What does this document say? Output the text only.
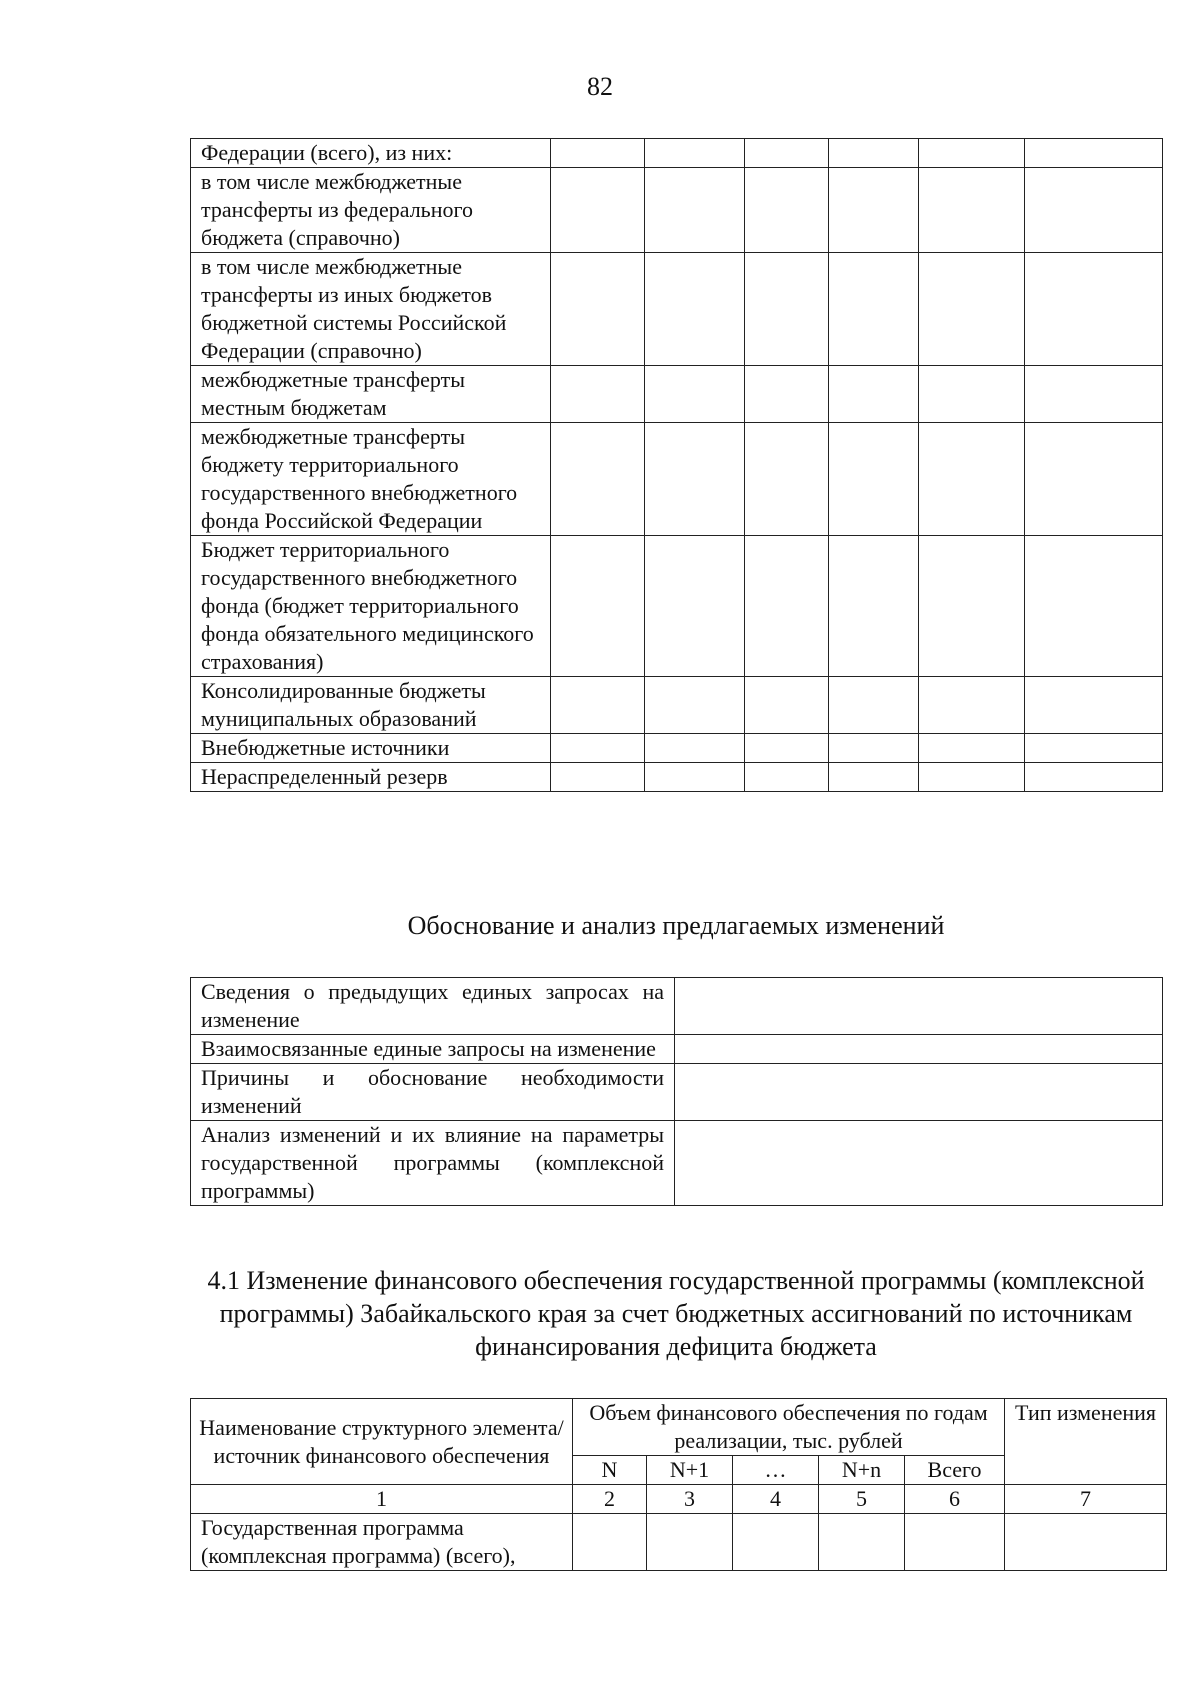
82
Федерации (всего), из них:						
в том числе межбюджетные трансферты из федерального бюджета (справочно)						
в том числе межбюджетные трансферты из иных бюджетов бюджетной системы Российской Федерации (справочно)						
межбюджетные трансферты местным бюджетам						
межбюджетные трансферты бюджету территориального государственного внебюджетного фонда Российской Федерации						
Бюджет территориального государственного внебюджетного фонда (бюджет территориального фонда обязательного медицинского страхования)						
Консолидированные бюджеты муниципальных образований						
Внебюджетные источники						
Нераспределенный резерв						
Обоснование и анализ предлагаемых изменений
Сведения о предыдущих единых запросах на изменение	
Взаимосвязанные единые запросы на изменение	
Причины и обоснование необходимости изменений	
Анализ изменений и их влияние на параметры государственной программы (комплексной программы)	
4.1 Изменение финансового обеспечения государственной программы (комплексной программы) Забайкальского края за счет бюджетных ассигнований по источникам финансирования дефицита бюджета
Наименование структурного элемента/источник финансового обеспечения	Объем финансового обеспечения по годам реализации, тыс. рублей					Тип изменения
	N	N+1	…	N+n	Всего	
1	2	3	4	5	6	7
Государственная программа (комплексная программа) (всего),						
